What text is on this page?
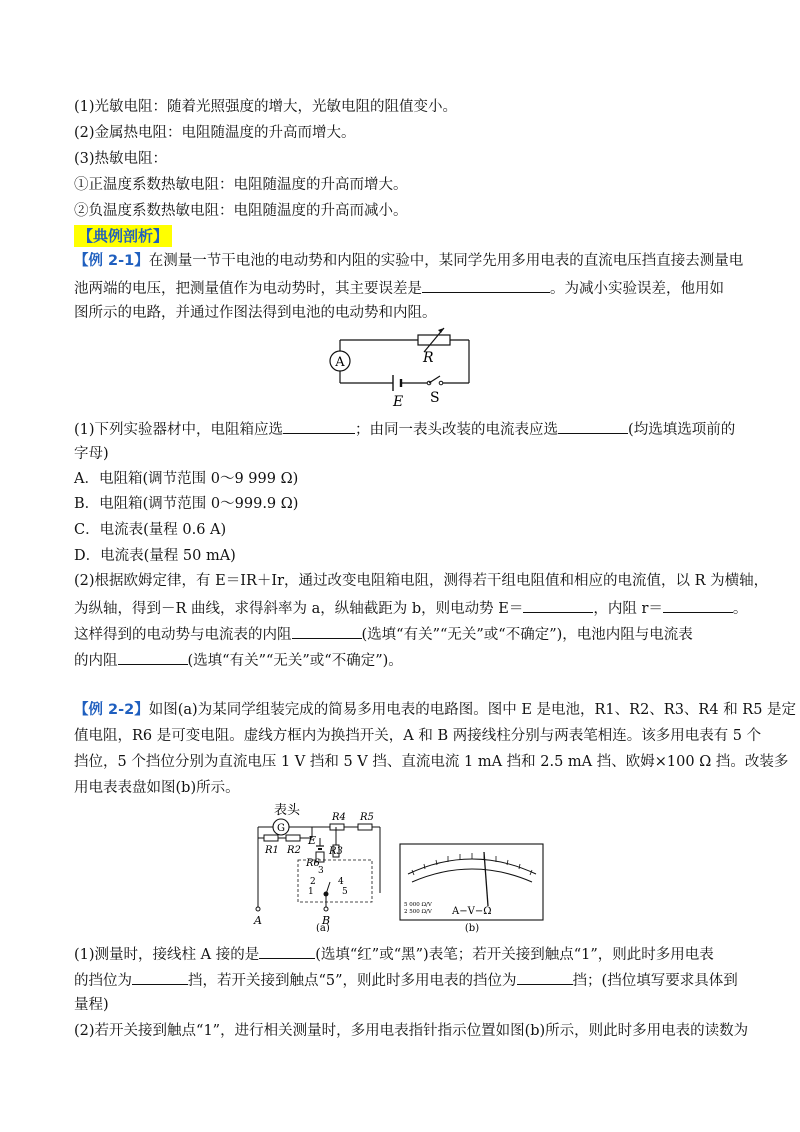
(1)光敏电阻：随着光照强度的增大，光敏电阻的阻值变小。
(2)金属热电阻：电阻随温度的升高而增大。
(3)热敏电阻：
①正温度系数热敏电阻：电阻随温度的升高而增大。
②负温度系数热敏电阻：电阻随温度的升高而减小。
【典例剖析】
【例 2-1】在测量一节干电池的电动势和内阻的实验中，某同学先用多用电表的直流电压挡直接去测量电
池两端的电压，把测量值作为电动势时，其主要误差是	。为减小实验误差，他用如
图所示的电路，并通过作图法得到电池的电动势和内阻。
A	R
E S
(1)下列实验器材中，电阻箱应选	；由同一表头改装的电流表应选	(均选填选项前的
字母)
A．电阻箱(调节范围 0～9 999 Ω)
B．电阻箱(调节范围 0～999.9 Ω)
C．电流表(量程 0.6 A)
D．电流表(量程 50 mA)
(2)根据欧姆定律，有 E＝IR＋Ir，通过改变电阻箱电阻，测得若干组电阻值和相应的电流值，以 R 为横轴，
为纵轴，得到－R 曲线，求得斜率为 a，纵轴截距为 b，则电动势 E＝	，内阻 r＝	。
这样得到的电动势与电流表的内阻	(选填“有关”“无关”或“不确定”)，电池内阻与电流表
的内阻	(选填“有关”“无关”或“不确定”)。
【例 2-2】如图(a)为某同学组装完成的简易多用电表的电路图。图中 E 是电池，R1、R2、R3、R4 和 R5 是定
值电阻，R6 是可变电阻。虚线方框内为换挡开关，A 和 B 两接线柱分别与两表笔相连。该多用电表有 5 个
挡位，5 个挡位分别为直流电压 1 V 挡和 5 V 挡、直流电流 1 mA 挡和 2.5 mA 挡、欧姆×100 Ω 挡。改装多
用电表表盘如图(b)所示。
表头
G
R1 R2
R4 R5
E
R6
R3
3
2
1
4
5
A	B
(a)
5 000 Ω/V
2 500 Ω/V A−V−Ω
(b)
(1)测量时，接线柱 A 接的是	(选填“红”或“黑”)表笔；若开关接到触点“1”，则此时多用电表
的挡位为	挡，若开关接到触点“5”，则此时多用电表的挡位为	挡；(挡位填写要求具体到
量程)
(2)若开关接到触点“1”，进行相关测量时，多用电表指针指示位置如图(b)所示，则此时多用电表的读数为
